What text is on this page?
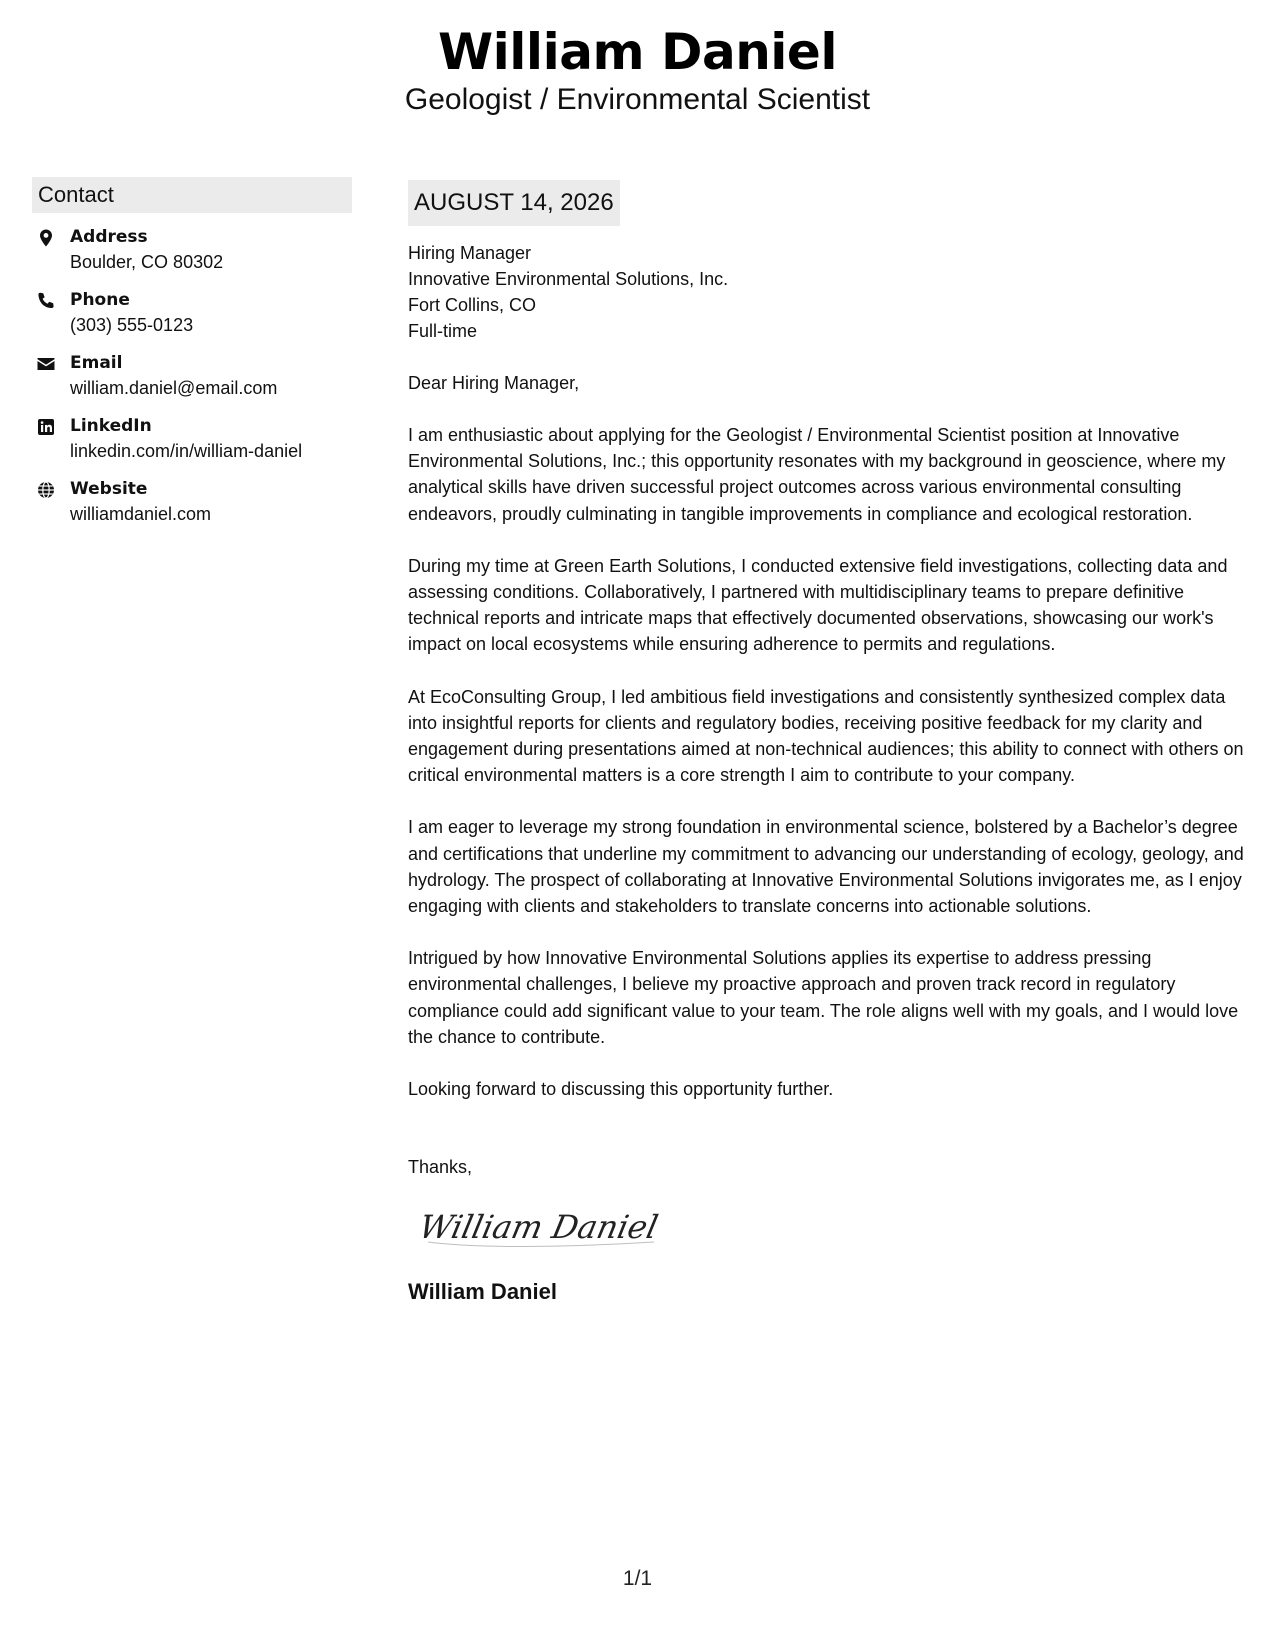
William Daniel
Geologist / Environmental Scientist
Contact
Address
Boulder, CO 80302
Phone
(303) 555-0123
Email
william.daniel@email.com
LinkedIn
linkedin.com/in/william-daniel
Website
williamdaniel.com
AUGUST 14, 2026
Hiring Manager
Innovative Environmental Solutions, Inc.
Fort Collins, CO
Full-time
Dear Hiring Manager,
I am enthusiastic about applying for the Geologist / Environmental Scientist position at Innovative Environmental Solutions, Inc.; this opportunity resonates with my background in geoscience, where my analytical skills have driven successful project outcomes across various environmental consulting endeavors, proudly culminating in tangible improvements in compliance and ecological restoration.
During my time at Green Earth Solutions, I conducted extensive field investigations, collecting data and assessing conditions. Collaboratively, I partnered with multidisciplinary teams to prepare definitive technical reports and intricate maps that effectively documented observations, showcasing our work's impact on local ecosystems while ensuring adherence to permits and regulations.
At EcoConsulting Group, I led ambitious field investigations and consistently synthesized complex data into insightful reports for clients and regulatory bodies, receiving positive feedback for my clarity and engagement during presentations aimed at non-technical audiences; this ability to connect with others on critical environmental matters is a core strength I aim to contribute to your company.
I am eager to leverage my strong foundation in environmental science, bolstered by a Bachelor’s degree and certifications that underline my commitment to advancing our understanding of ecology, geology, and hydrology. The prospect of collaborating at Innovative Environmental Solutions invigorates me, as I enjoy engaging with clients and stakeholders to translate concerns into actionable solutions.
Intrigued by how Innovative Environmental Solutions applies its expertise to address pressing environmental challenges, I believe my proactive approach and proven track record in regulatory compliance could add significant value to your team. The role aligns well with my goals, and I would love the chance to contribute.
Looking forward to discussing this opportunity further.
Thanks,
William Daniel
William Daniel
1/1
